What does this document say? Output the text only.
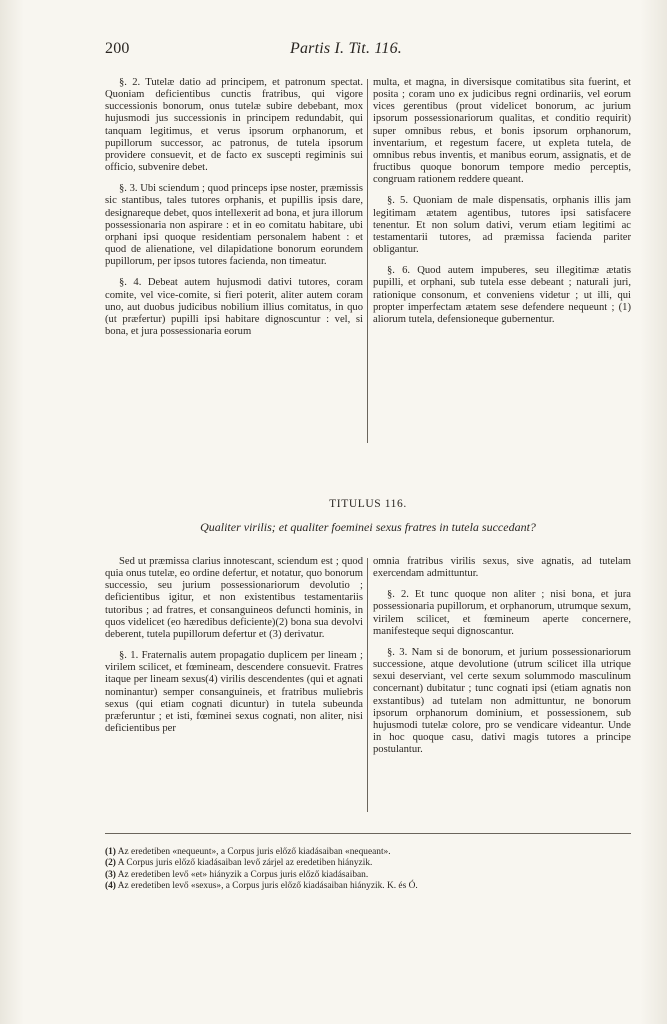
200	Partis I. Tit. 116.

§. 2. Tutelæ datio ad principem, et patronum spectat. Quoniam deficientibus cunctis fratribus, qui vigore successionis bonorum, onus tutelæ subire debebant, mox hujusmodi jus successionis in principem redundabit, qui tanquam legitimus, et verus ipsorum orphanorum, et pupillorum successor, ac patronus, de tutela ipsorum providere consuevit, et de facto ex suscepti regiminis sui officio, subvenire debet.

§. 3. Ubi sciendum ; quod princeps ipse noster, præmissis sic stantibus, tales tutores orphanis, et pupillis ipsis dare, designareque debet, quos intellexerit ad bona, et jura illorum possessionaria non aspirare : et in eo comitatu habitare, ubi orphani ipsi quoque residentiam personalem habent : et quod de alienatione, vel dilapidatione bonorum eorundem pupillorum, per ipsos tutores facienda, non timeatur.

§. 4. Debeat autem hujusmodi dativi tutores, coram comite, vel vice-comite, si fieri poterit, aliter autem coram uno, aut duobus judicibus nobilium illius comitatus, in quo (ut præfertur) pupilli ipsi habitare dignoscuntur : vel, si bona, et jura possessionaria eorum

multa, et magna, in diversisque comitatibus sita fuerint, et posita ; coram uno ex judicibus regni ordinariis, vel eorum vices gerentibus (prout videlicet bonorum, ac jurium ipsorum possessionariorum qualitas, et conditio requirit) super omnibus rebus, et bonis ipsorum orphanorum, inventarium, et regestum facere, ut expleta tutela, de omnibus rebus inventis, et manibus eorum, assignatis, et de fructibus quoque bonorum tempore medio perceptis, congruam rationem reddere queant.

§. 5. Quoniam de male dispensatis, orphanis illis jam legitimam ætatem agentibus, tutores ipsi satisfacere tenentur. Et non solum dativi, verum etiam legitimi ac testamentarii tutores, ad præmissa facienda pariter obligantur.

§. 6. Quod autem impuberes, seu illegitimæ ætatis pupilli, et orphani, sub tutela esse debeant ; naturali juri, rationique consonum, et conveniens videtur ; ut illi, qui propter imperfectam ætatem sese defendere nequeunt ; (1) aliorum tutela, defensioneque gubernentur.

TITULUS 116.
Qualiter virilis; et qualiter foeminei sexus fratres in tutela succedant?

Sed ut præmissa clarius innotescant, sciendum est ; quod quia onus tutelæ, eo ordine defertur, et notatur, quo bonorum successio, seu jurium possessionariorum devolutio ; deficientibus igitur, et non existentibus testamentariis tutoribus ; ad fratres, et consanguineos defuncti hominis, in quos videlicet (eo hæredibus deficiente)(2) bona sua devolvi deberent, tutela pupillorum defertur et (3) derivatur.

§. 1. Fraternalis autem propagatio duplicem per lineam ; virilem scilicet, et fœmineam, descendere consuevit. Fratres itaque per lineam sexus(4) virilis descendentes (qui et agnati nominantur) semper consanguineis, et fratribus muliebris sexus (qui etiam cognati dicuntur) in tutela subeunda præferuntur ; et isti, fœminei sexus cognati, non aliter, nisi deficientibus per

omnia fratribus virilis sexus, sive agnatis, ad tutelam exercendam admittuntur.

§. 2. Et tunc quoque non aliter ; nisi bona, et jura possessionaria pupillorum, et orphanorum, utrumque sexum, virilem scilicet, et fœmineum aperte concernere, manifesteque sequi dignoscantur.

§. 3. Nam si de bonorum, et jurium possessionariorum successione, atque devolutione (utrum scilicet illa utrique sexui deserviant, vel certe sexum solummodo masculinum concernant) dubitatur ; tunc cognati ipsi (etiam agnatis non exstantibus) ad tutelam non admittuntur, ne bonorum ipsorum orphanorum dominium, et possessionem, sub hujusmodi tutelæ colore, pro se vendicare videantur. Unde in hoc quoque casu, dativi magis tutores a principe postulantur.

(1) Az eredetiben «nequeunt», a Corpus juris előző kiadásaiban «nequeant».
(2) A Corpus juris előző kiadásaiban levő zárjel az eredetiben hiányzik.
(3) Az eredetiben levő «et» hiányzik a Corpus juris előző kiadásaiban.
(4) Az eredetiben levő «sexus», a Corpus juris előző kiadásaiban hiányzik. K. és Ó.
